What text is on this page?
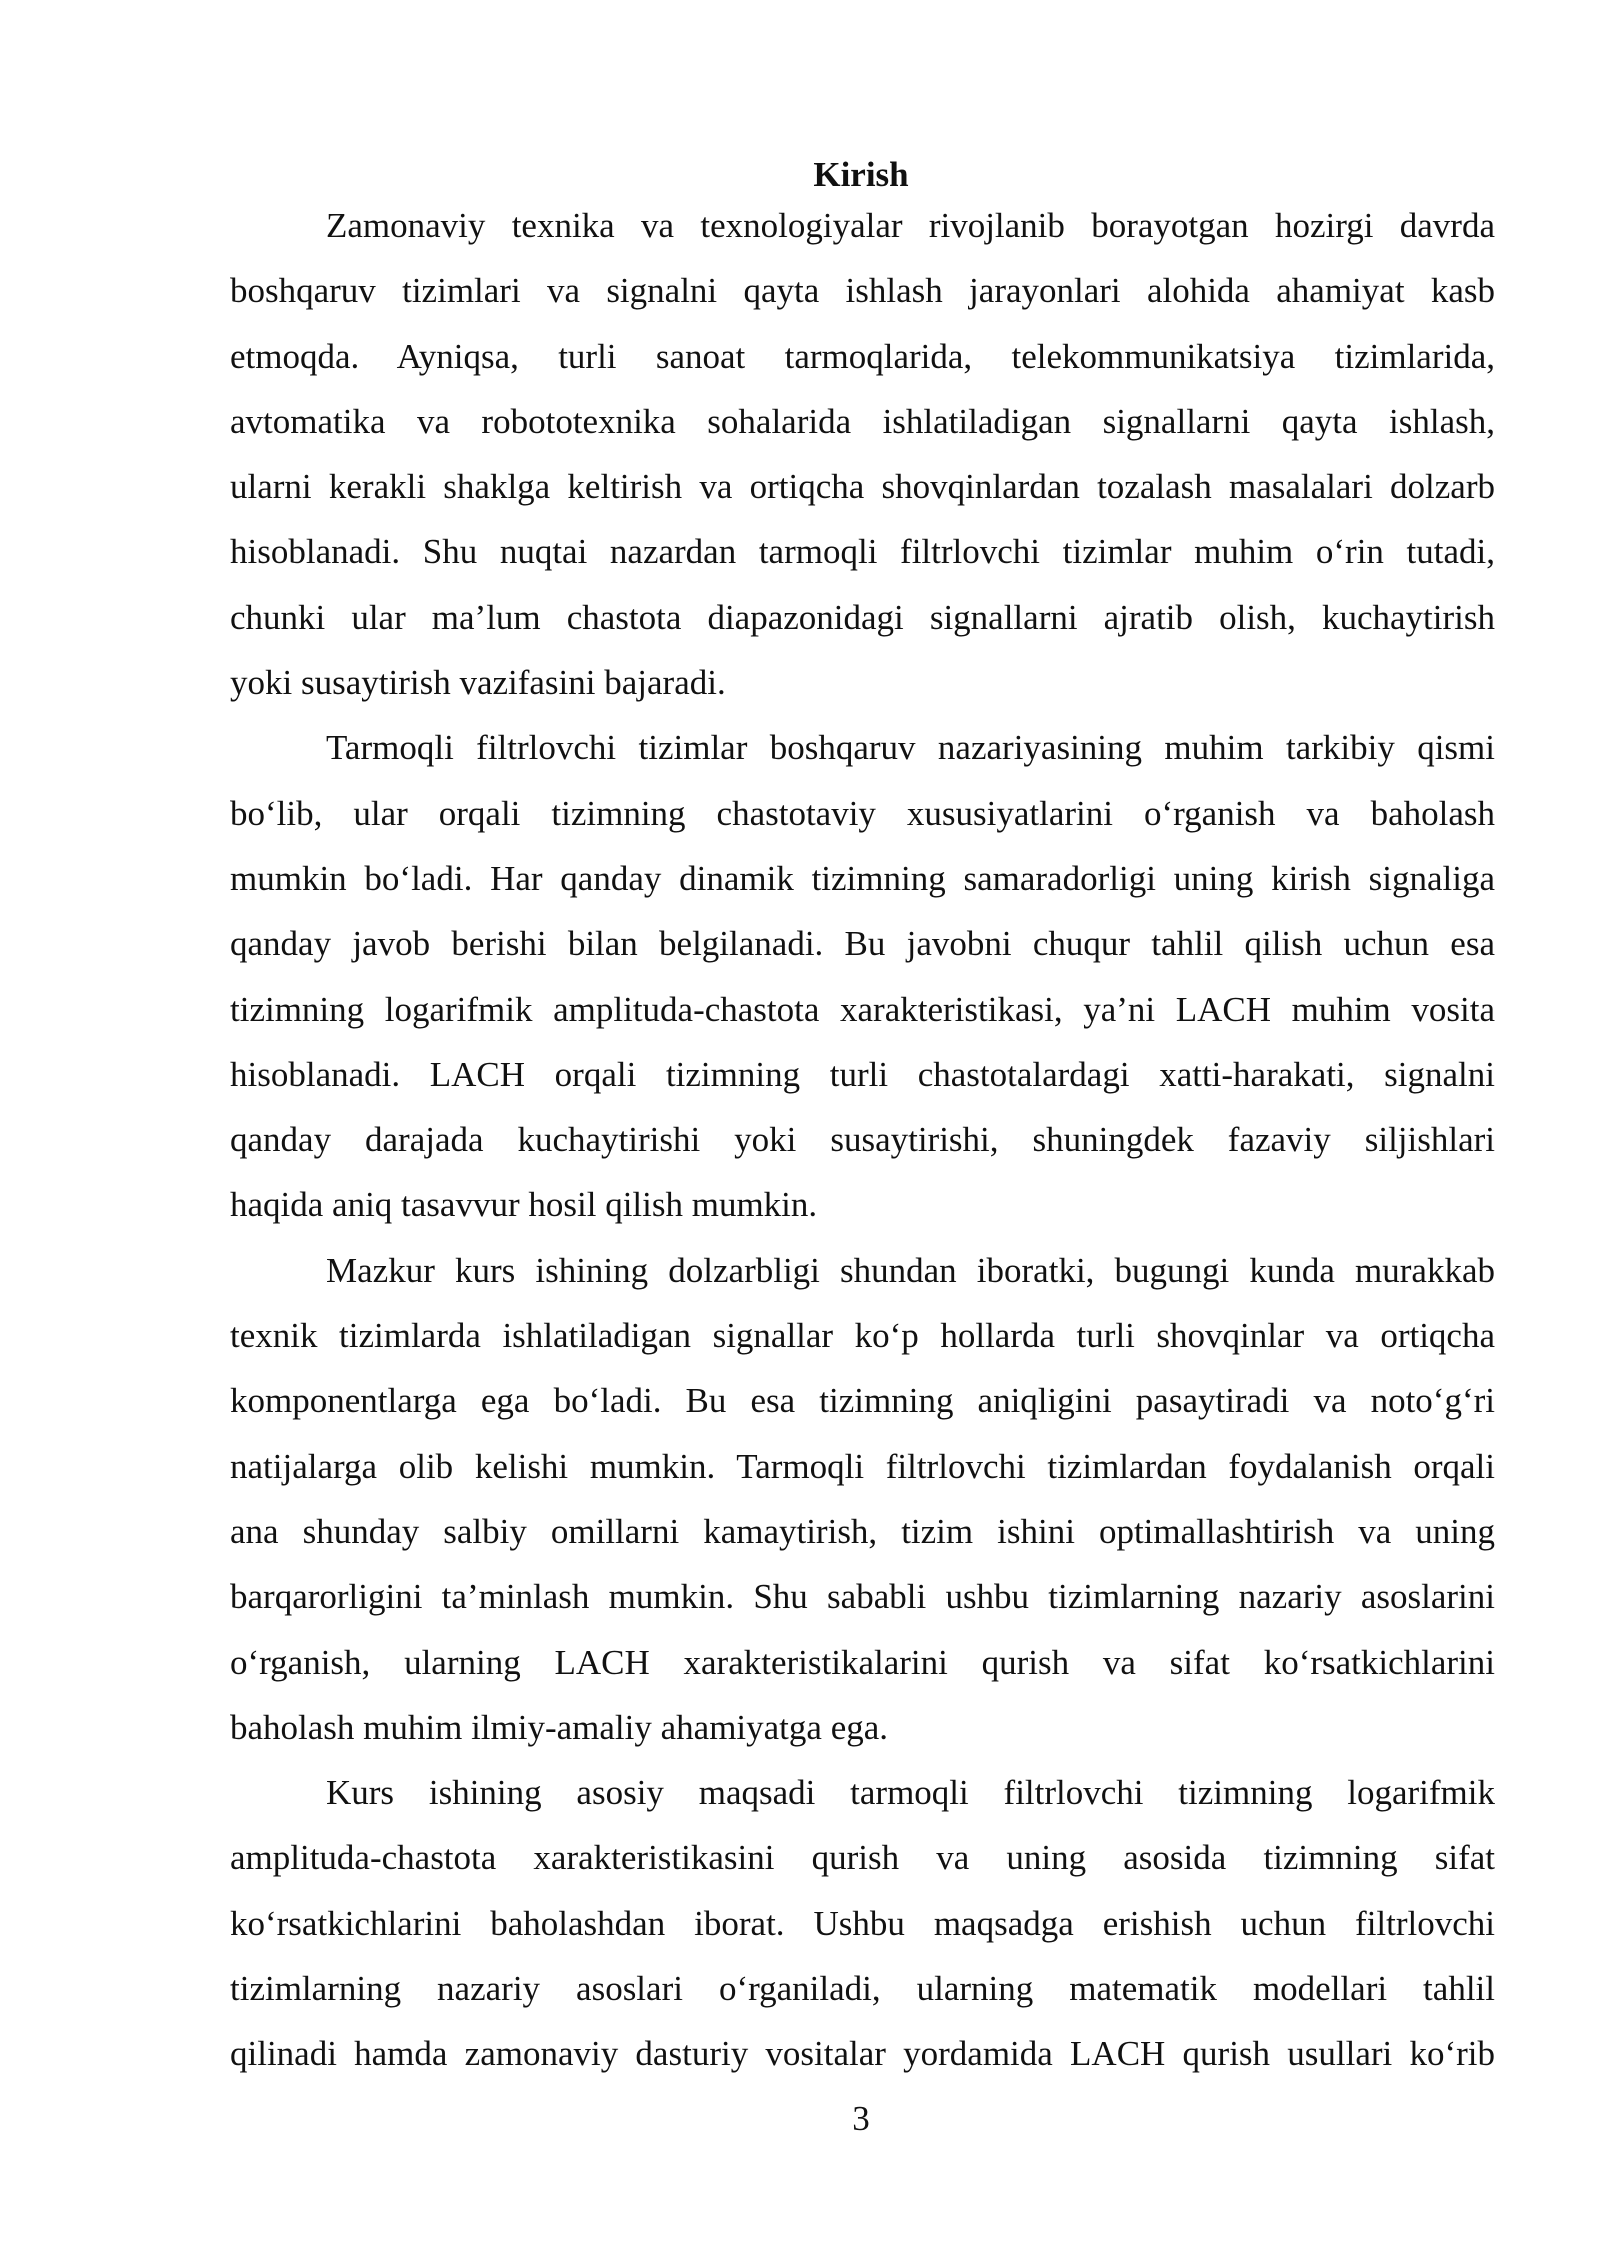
Kirish
Zamonaviy texnika va texnologiyalar rivojlanib borayotgan hozirgi davrda
boshqaruv tizimlari va signalni qayta ishlash jarayonlari alohida ahamiyat kasb
etmoqda. Ayniqsa, turli sanoat tarmoqlarida, telekommunikatsiya tizimlarida,
avtomatika va robototexnika sohalarida ishlatiladigan signallarni qayta ishlash,
ularni kerakli shaklga keltirish va ortiqcha shovqinlardan tozalash masalalari dolzarb
hisoblanadi. Shu nuqtai nazardan tarmoqli filtrlovchi tizimlar muhim o‘rin tutadi,
chunki ular ma’lum chastota diapazonidagi signallarni ajratib olish, kuchaytirish
yoki susaytirish vazifasini bajaradi.
Tarmoqli filtrlovchi tizimlar boshqaruv nazariyasining muhim tarkibiy qismi
bo‘lib, ular orqali tizimning chastotaviy xususiyatlarini o‘rganish va baholash
mumkin bo‘ladi. Har qanday dinamik tizimning samaradorligi uning kirish signaliga
qanday javob berishi bilan belgilanadi. Bu javobni chuqur tahlil qilish uchun esa
tizimning logarifmik amplituda-chastota xarakteristikasi, ya’ni LACH muhim vosita
hisoblanadi. LACH orqali tizimning turli chastotalardagi xatti-harakati, signalni
qanday darajada kuchaytirishi yoki susaytirishi, shuningdek fazaviy siljishlari
haqida aniq tasavvur hosil qilish mumkin.
Mazkur kurs ishining dolzarbligi shundan iboratki, bugungi kunda murakkab
texnik tizimlarda ishlatiladigan signallar ko‘p hollarda turli shovqinlar va ortiqcha
komponentlarga ega bo‘ladi. Bu esa tizimning aniqligini pasaytiradi va noto‘g‘ri
natijalarga olib kelishi mumkin. Tarmoqli filtrlovchi tizimlardan foydalanish orqali
ana shunday salbiy omillarni kamaytirish, tizim ishini optimallashtirish va uning
barqarorligini ta’minlash mumkin. Shu sababli ushbu tizimlarning nazariy asoslarini
o‘rganish, ularning LACH xarakteristikalarini qurish va sifat ko‘rsatkichlarini
baholash muhim ilmiy-amaliy ahamiyatga ega.
Kurs ishining asosiy maqsadi tarmoqli filtrlovchi tizimning logarifmik
amplituda-chastota xarakteristikasini qurish va uning asosida tizimning sifat
ko‘rsatkichlarini baholashdan iborat. Ushbu maqsadga erishish uchun filtrlovchi
tizimlarning nazariy asoslari o‘rganiladi, ularning matematik modellari tahlil
qilinadi hamda zamonaviy dasturiy vositalar yordamida LACH qurish usullari ko‘rib
3
